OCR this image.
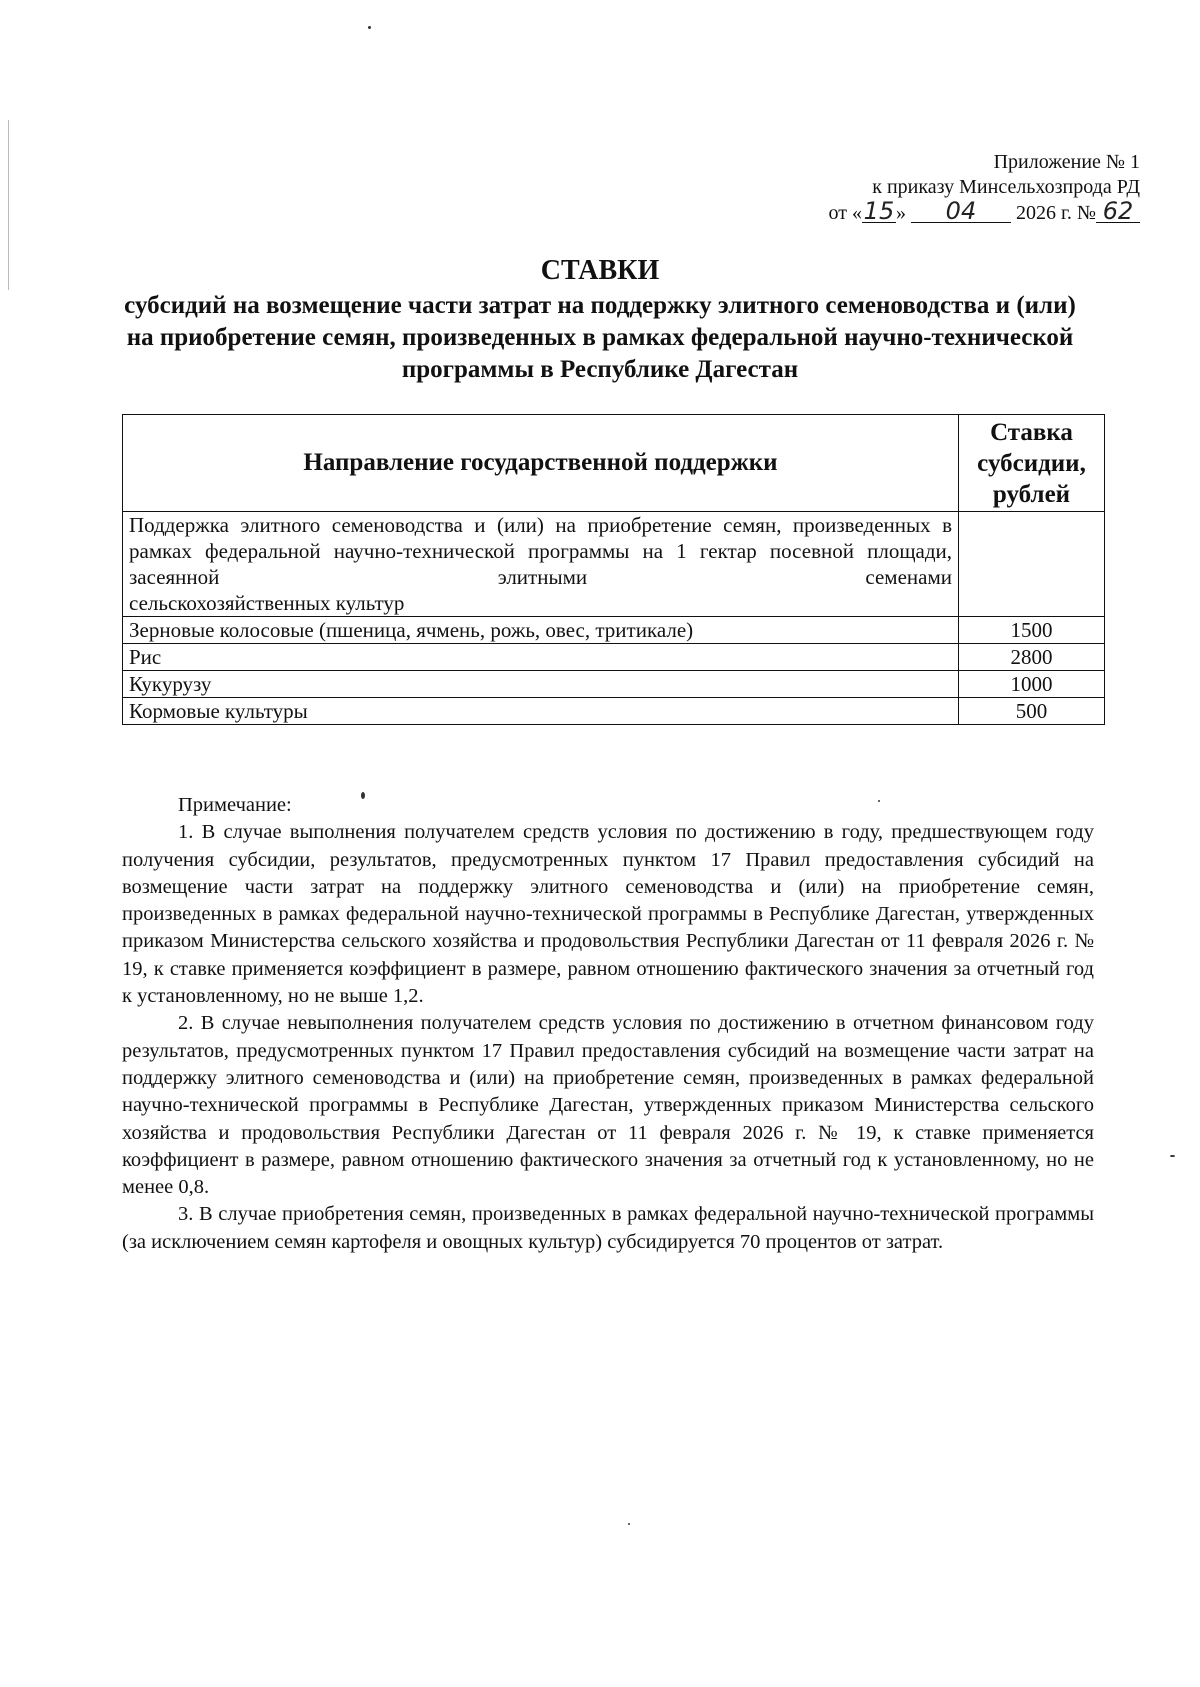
Приложение № 1
к приказу Минсельхозпрода РД
от «15» 04 2026 г. № 62
СТАВКИ
субсидий на возмещение части затрат на поддержку элитного семеноводства и (или) на приобретение семян, произведенных в рамках федеральной научно-технической программы в Республике Дагестан
Направление государственной поддержки	Ставка
субсидии,
рублей

Поддержка элитного семеноводства и (или) на приобретение семян, произведенных в рамках федеральной научно-технической программы на 1 гектар посевной площади, засеянной элитными семенами
сельскохозяйственных культур	

Зерновые колосовые (пшеница, ячмень, рожь, овес, тритикале)	1500
Рис	2800
Кукурузу	1000
Кормовые культуры	500
Примечание:

1. В случае выполнения получателем средств условия по достижению в году, предшествующем году получения субсидии, результатов, предусмотренных пунктом 17 Правил предоставления субсидий на возмещение части затрат на поддержку элитного семеноводства и (или) на приобретение семян, произведенных в рамках федеральной научно-технической программы в Республике Дагестан, утвержденных приказом Министерства сельского хозяйства и продовольствия Республики Дагестан от 11 февраля 2026 г. № 19, к ставке применяется коэффициент в размере, равном отношению фактического значения за отчетный год к установленному, но не выше 1,2.

2. В случае невыполнения получателем средств условия по достижению в отчетном финансовом году результатов, предусмотренных пунктом 17 Правил предоставления субсидий на возмещение части затрат на поддержку элитного семеноводства и (или) на приобретение семян, произведенных в рамках федеральной научно-технической программы в Республике Дагестан, утвержденных приказом Министерства сельского хозяйства и продовольствия Республики Дагестан от 11 февраля 2026 г. № 19, к ставке применяется коэффициент в размере, равном отношению фактического значения за отчетный год к установленному, но не менее 0,8.

3. В случае приобретения семян, произведенных в рамках федеральной научно-технической программы (за исключением семян картофеля и овощных культур) субсидируется 70 процентов от затрат.
